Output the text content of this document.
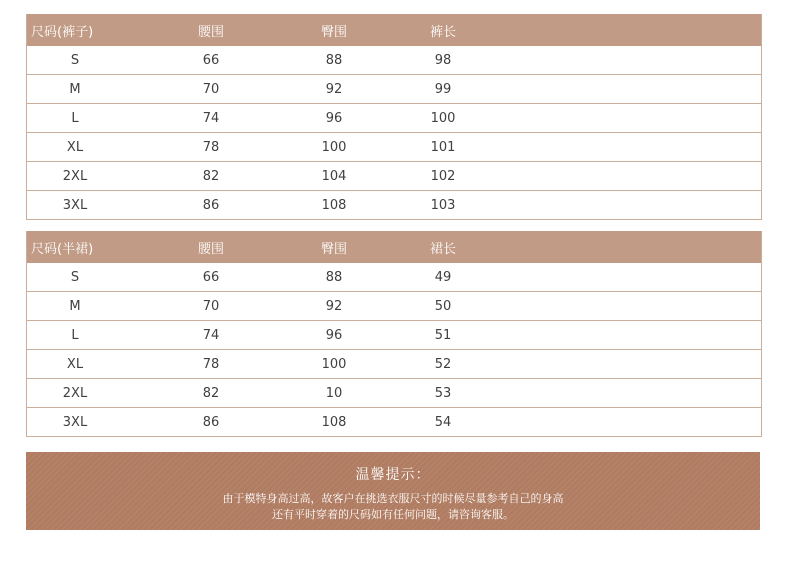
尺码(裤子)	腰围	臀围	裤长
S	66	88	98
M	70	92	99
L	74	96	100
XL	78	100	101
2XL	82	104	102
3XL	86	108	103
尺码(半裙)	腰围	臀围	裙长
S	66	88	49
M	70	92	50
L	74	96	51
XL	78	100	52
2XL	82	10	53
3XL	86	108	54
温馨提示：
由于模特身高过高，故客户在挑选衣服尺寸的时候尽量参考自己的身高
还有平时穿着的尺码如有任何问题，请咨询客服。
